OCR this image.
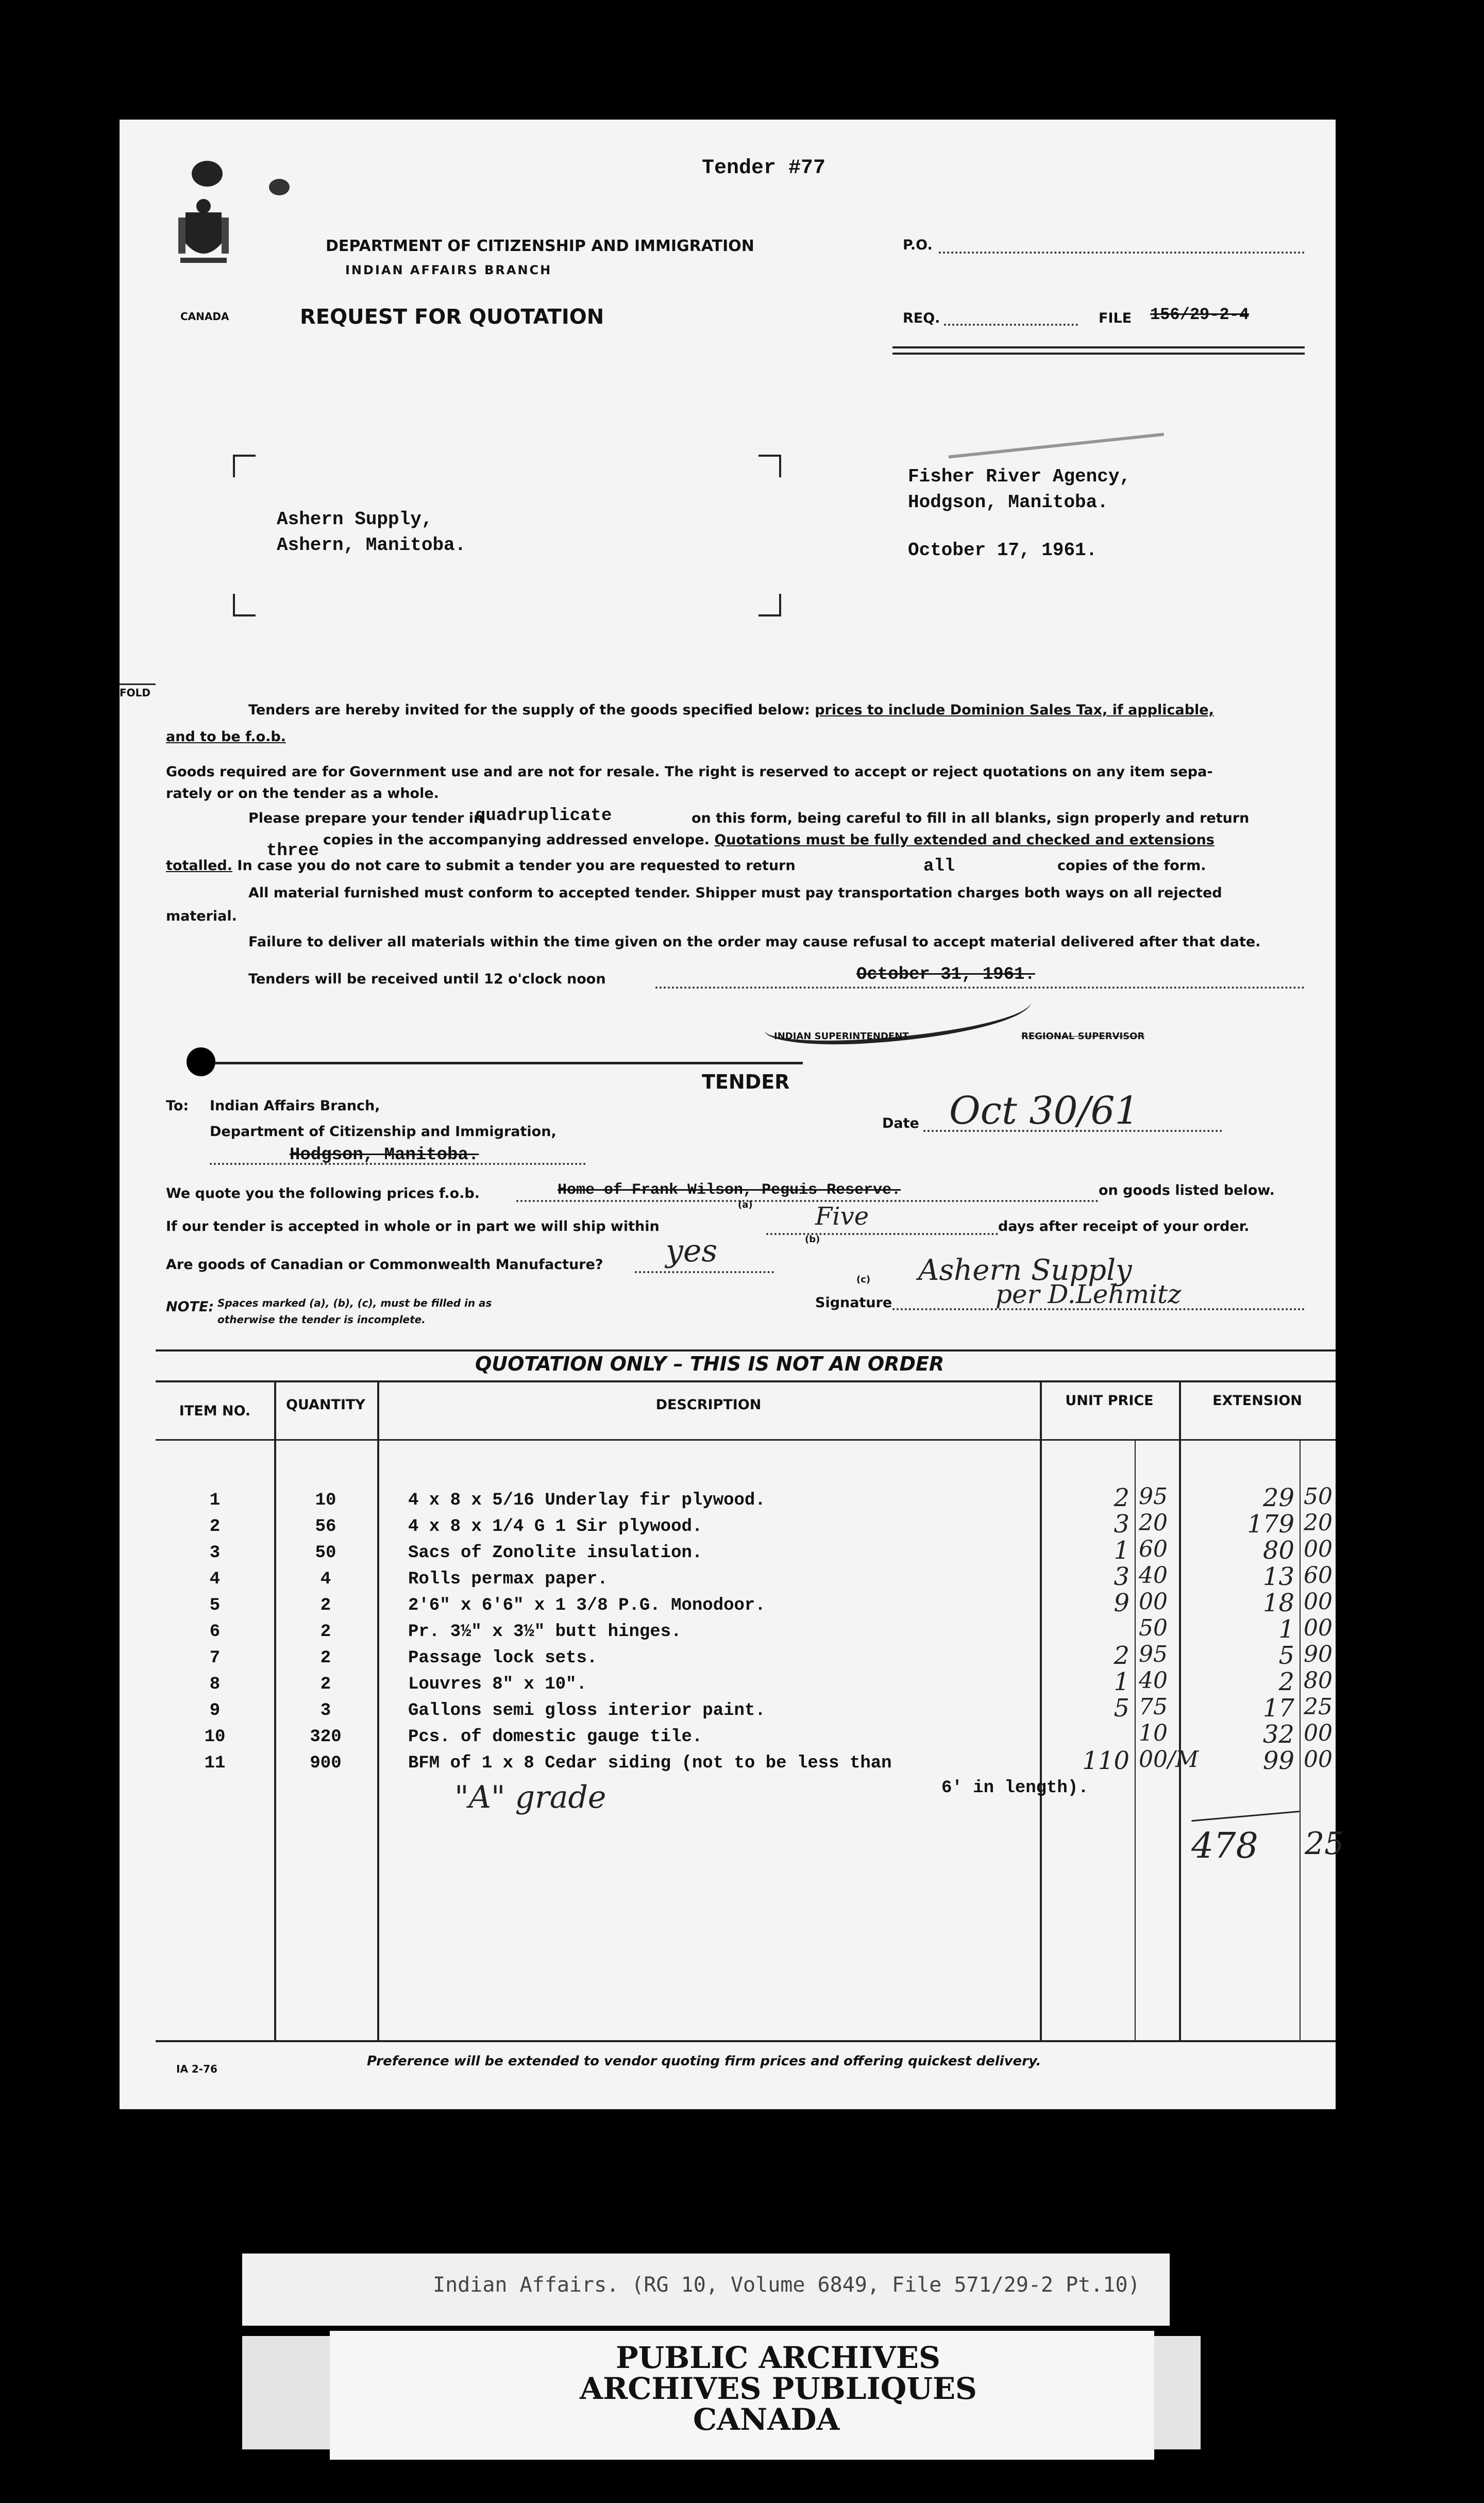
CANADA
Tender #77
DEPARTMENT OF CITIZENSHIP AND IMMIGRATION
INDIAN AFFAIRS BRANCH
REQUEST FOR QUOTATION
P.O.
REQ.	FILE 156/29-2-4
Ashern Supply,
Ashern, Manitoba.
Fisher River Agency,
Hodgson, Manitoba.
October 17, 1961.
FOLD
Tenders are hereby invited for the supply of the goods specified below: prices to include Dominion Sales Tax, if applicable,
and to be f.o.b.
Goods required are for Government use and are not for resale. The right is reserved to accept or reject quotations on any item sepa-
rately or on the tender as a whole.
Please prepare your tender in
quadruplicate	on this form, being careful to fill in all blanks, sign properly and return
three
copies in the accompanying addressed envelope. Quotations must be fully extended and checked and extensions
totalled. In case you do not care to submit a tender you are requested to return	all	copies of the form.
All material furnished must conform to accepted tender. Shipper must pay transportation charges both ways on all rejected
material.
Failure to deliver all materials within the time given on the order may cause refusal to accept material delivered after that date.
Tenders will be received until 12 o'clock noon	October 31, 1961.
INDIAN SUPERINTENDENT	REGIONAL SUPERVISOR
TENDER
To: Indian Affairs Branch,
Department of Citizenship and Immigration,
Hodgson, Manitoba.
Date Oct 30/61
We quote you the following prices f.o.b.	Home of Frank Wilson, Peguis Reserve.
(a)
on goods listed below.
If our tender is accepted in whole or in part we will ship within	Five
(b)
days after receipt of your order.
Are goods of Canadian or Commonwealth Manufacture? yes
(c) Ashern Supply
Signature	per D.Lehmitz
NOTE: Spaces marked (a), (b), (c), must be filled in as
otherwise the tender is incomplete.
QUOTATION ONLY – THIS IS NOT AN ORDER
ITEM NO.	QUANTITY	DESCRIPTION	UNIT PRICE	EXTENSION
1	10	4 x 8 x 5/16 Underlay fir plywood.	2 95	29 50
2	56	4 x 8 x 1/4 G 1 Sir plywood.	3 20	179 20
3	50	Sacs of Zonolite insulation.	1 60	80 00
4	4	Rolls permax paper.	3 40	13 60
5	2	2'6" x 6'6" x 1 3/8 P.G. Monodoor.	9 00	18 00
6	2	Pr. 3½" x 3½" butt hinges.	50	1 00
7	2	Passage lock sets.	2 95	5 90
8	2	Louvres 8" x 10".	1 40	2 80
9	3	Gallons semi gloss interior paint.	5 75	17 25
10	320	Pcs. of domestic gauge tile.	10	32 00
11	900	BFM of 1 x 8 Cedar siding (not to be less than	110 00/M	99 00
6' in length).
"A" grade
478 25
IA 2-76	Preference will be extended to vendor quoting firm prices and offering quickest delivery.
Indian Affairs. (RG 10, Volume 6849, File 571/29-2 Pt.10)
PUBLIC ARCHIVES
ARCHIVES PUBLIQUES
CANADA
